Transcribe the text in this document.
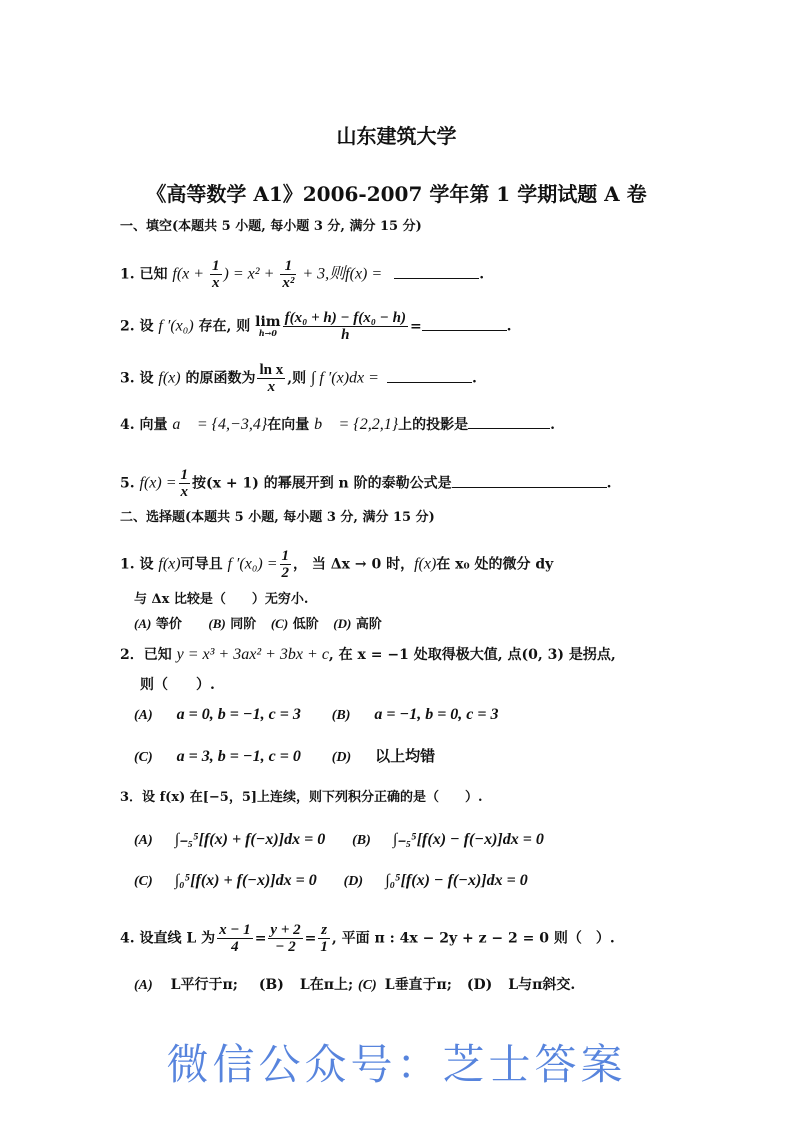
山东建筑大学
《高等数学 A1》2006-2007 学年第 1 学期试题 A 卷
一、填空(本题共 5 小题, 每小题 3 分, 满分 15 分)
1. 已知 $f(x + \frac{1}{x}$ ) = $x^2 + \frac{1}{\text{x²}} + 3$,则f(x) =	.
2. 设 f ′(x₀) 存在, 则 lim
$h\to 0 \frac{\text{f(x₀ + h) − f(x₀ − h)}}{h}$ =	.
3. 设 f(x) 的原函数为 $\frac{\text{ln x}}{x}$ ,则 ∫ f ′(x)dx =	.
4. 向量 a⃗ = {4,−3,4}在向量 b⃗ = {2,2,1}上的投影是	.
5. $f(x) = \frac{1}{x}$ 按(x + 1) 的幂展开到 n 阶的泰勒公式是	.
二、选择题(本题共 5 小题, 每小题 3 分, 满分 15 分)
1. 设 f(x)可导且 f $'(x_0) = \frac{1}{2}$ ， 当 Δx → 0 时，f(x)在 x₀ 处的微分 dy
与 Δx 比较是（　　）无穷小.
(A) 等价 (B) 同阶 (C) 低阶 (D) 高阶
2．已知 y = x³ + 3ax² + 3bx + c, 在 x = −1 处取得极大值, 点(0, 3) 是拐点,
则（　　）.
(A) a = 0, b = −1, c = 3 (B) a = −1, b = 0, c = 3
(C) a = 3, b = −1, c = 0 (D) 以上均错
3．设 f(x) 在[−5，5]上连续，则下列积分正确的是（　　）.
(A) ∫₋₅⁵[f(x) + f(−x)]dx = 0 (B) ∫₋₅⁵[f(x) − f(−x)]dx = 0
(C) ∫₀⁵[f(x) + f(−x)]dx = 0 (D) ∫₀⁵[f(x) − f(−x)]dx = 0
4. 设直线 L 为 $\frac{x - 1}{4} = \frac{y + 2}{- 2} = \frac{z}{1}$ , 平面 π : 4x − 2y + z − 2 = 0 则（　）.
(A) L平行于π; (B) L在π上; (C) L垂直于π; (D) L与π斜交.
微信公众号：芝士答案
